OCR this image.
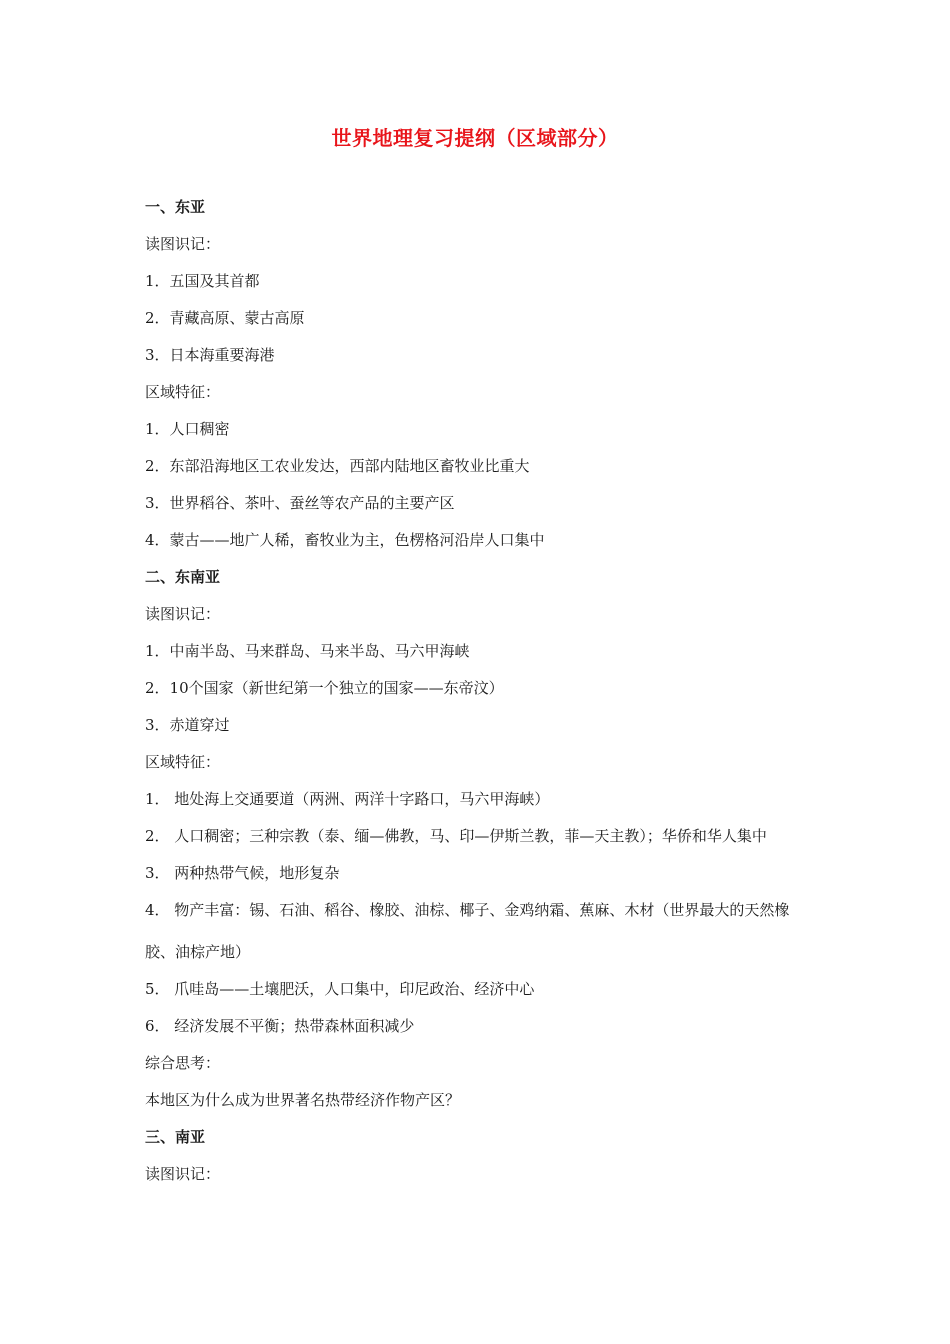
世界地理复习提纲（区域部分）
一、东亚
读图识记：
1．五国及其首都
2．青藏高原、蒙古高原
3．日本海重要海港
区域特征：
1．人口稠密
2．东部沿海地区工农业发达，西部内陆地区畜牧业比重大
3．世界稻谷、茶叶、蚕丝等农产品的主要产区
4．蒙古——地广人稀，畜牧业为主，色楞格河沿岸人口集中
二、东南亚
读图识记：
1．中南半岛、马来群岛、马来半岛、马六甲海峡
2．10个国家（新世纪第一个独立的国家——东帝汶）
3．赤道穿过
区域特征：
1． 地处海上交通要道（两洲、两洋十字路口，马六甲海峡）
2． 人口稠密；三种宗教（泰、缅—佛教，马、印—伊斯兰教，菲—天主教）；华侨和华人集中
3． 两种热带气候，地形复杂
4． 物产丰富：锡、石油、稻谷、橡胶、油棕、椰子、金鸡纳霜、蕉麻、木材（世界最大的天然橡胶、油棕产地）
5． 爪哇岛——土壤肥沃，人口集中，印尼政治、经济中心
6． 经济发展不平衡；热带森林面积减少
综合思考：
本地区为什么成为世界著名热带经济作物产区？
三、南亚
读图识记：
